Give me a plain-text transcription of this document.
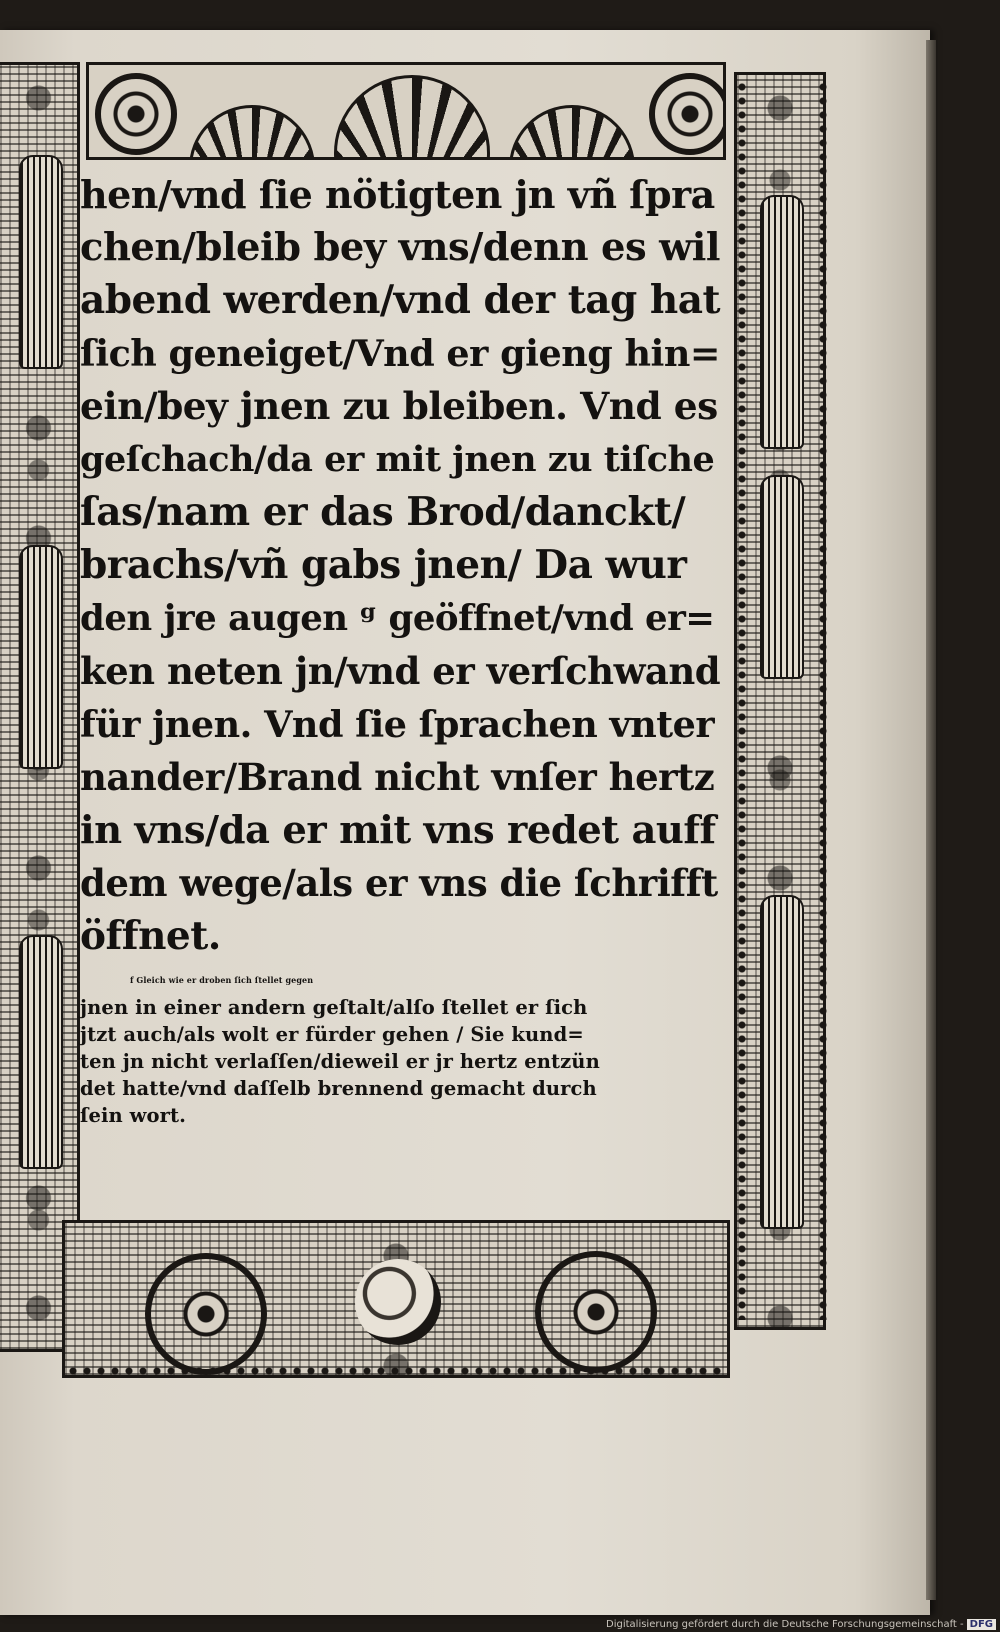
hen/vnd ſie nötigten jn vñ ſpra
chen/bleib bey vns/denn es wil
abend werden/vnd der tag hat
ſich geneiget/Vnd er gieng hin=
ein/bey jnen zu bleiben. Vnd es
geſchach/da er mit jnen zu tiſche
ſas/nam er das Brod/danckt/
brachs/vñ gabs jnen/ Da wur
den jre augen ᵍ geöffnet/vnd er=
ken neten jn/vnd er verſchwand
für jnen. Vnd ſie ſprachen vnter
nander/Brand nicht vnſer hertz
in vns/da er mit vns redet auff
dem wege/als er vns die ſchrifft
öffnet.
f Gleich wie er droben ſich ſtellet gegen
jnen in einer andern geſtalt/alſo ſtellet er ſich
jtzt auch/als wolt er fürder gehen / Sie kund=
ten jn nicht verlaſſen/dieweil er jr hertz entzün
det hatte/vnd daſſelb brennend gemacht durch
ſein wort.
Digitalisierung gefördert durch die Deutsche Forschungsgemeinschaft - DFG
